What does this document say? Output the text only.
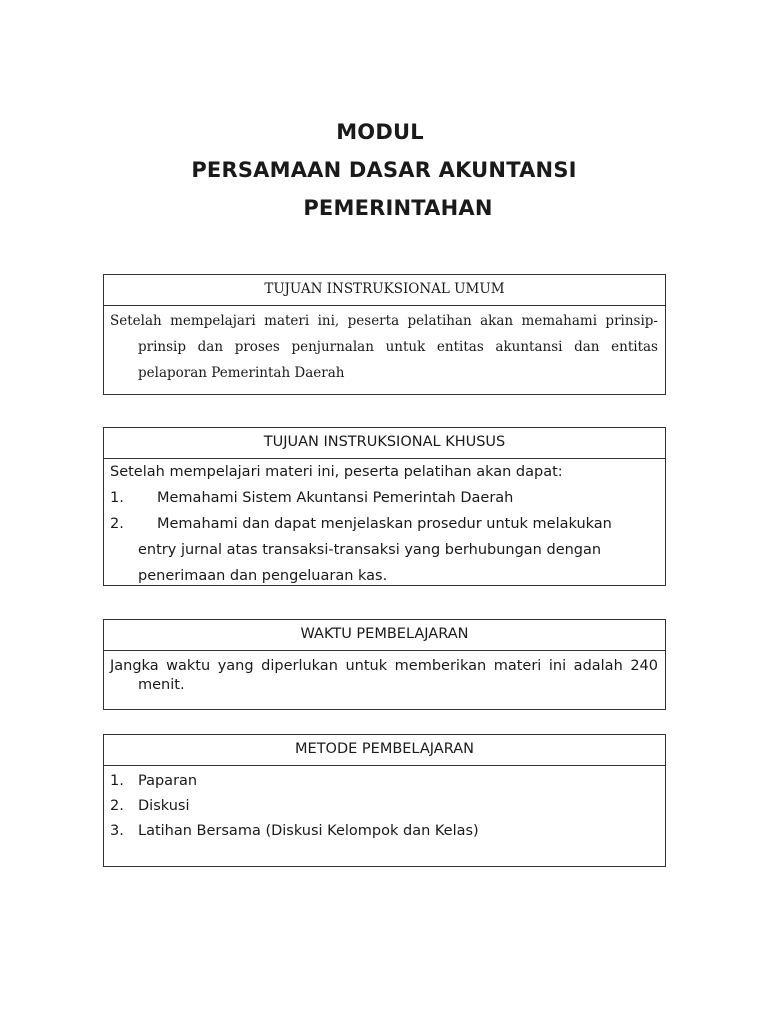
MODUL
PERSAMAAN DASAR AKUNTANSI
PEMERINTAHAN
TUJUAN INSTRUKSIONAL UMUM
Setelah mempelajari materi ini, peserta pelatihan akan memahami prinsip-prinsip dan proses penjurnalan untuk entitas akuntansi dan entitas pelaporan Pemerintah Daerah
TUJUAN INSTRUKSIONAL KHUSUS
Setelah mempelajari materi ini, peserta pelatihan akan dapat:
1.	Memahami Sistem Akuntansi Pemerintah Daerah
2.	Memahami dan dapat menjelaskan prosedur untuk melakukan
entry jurnal atas transaksi-transaksi yang berhubungan dengan
penerimaan dan pengeluaran kas.
WAKTU PEMBELAJARAN
Jangka waktu yang diperlukan untuk memberikan materi ini adalah 240 menit.
METODE PEMBELAJARAN
1. Paparan
2. Diskusi
3. Latihan Bersama (Diskusi Kelompok dan Kelas)
